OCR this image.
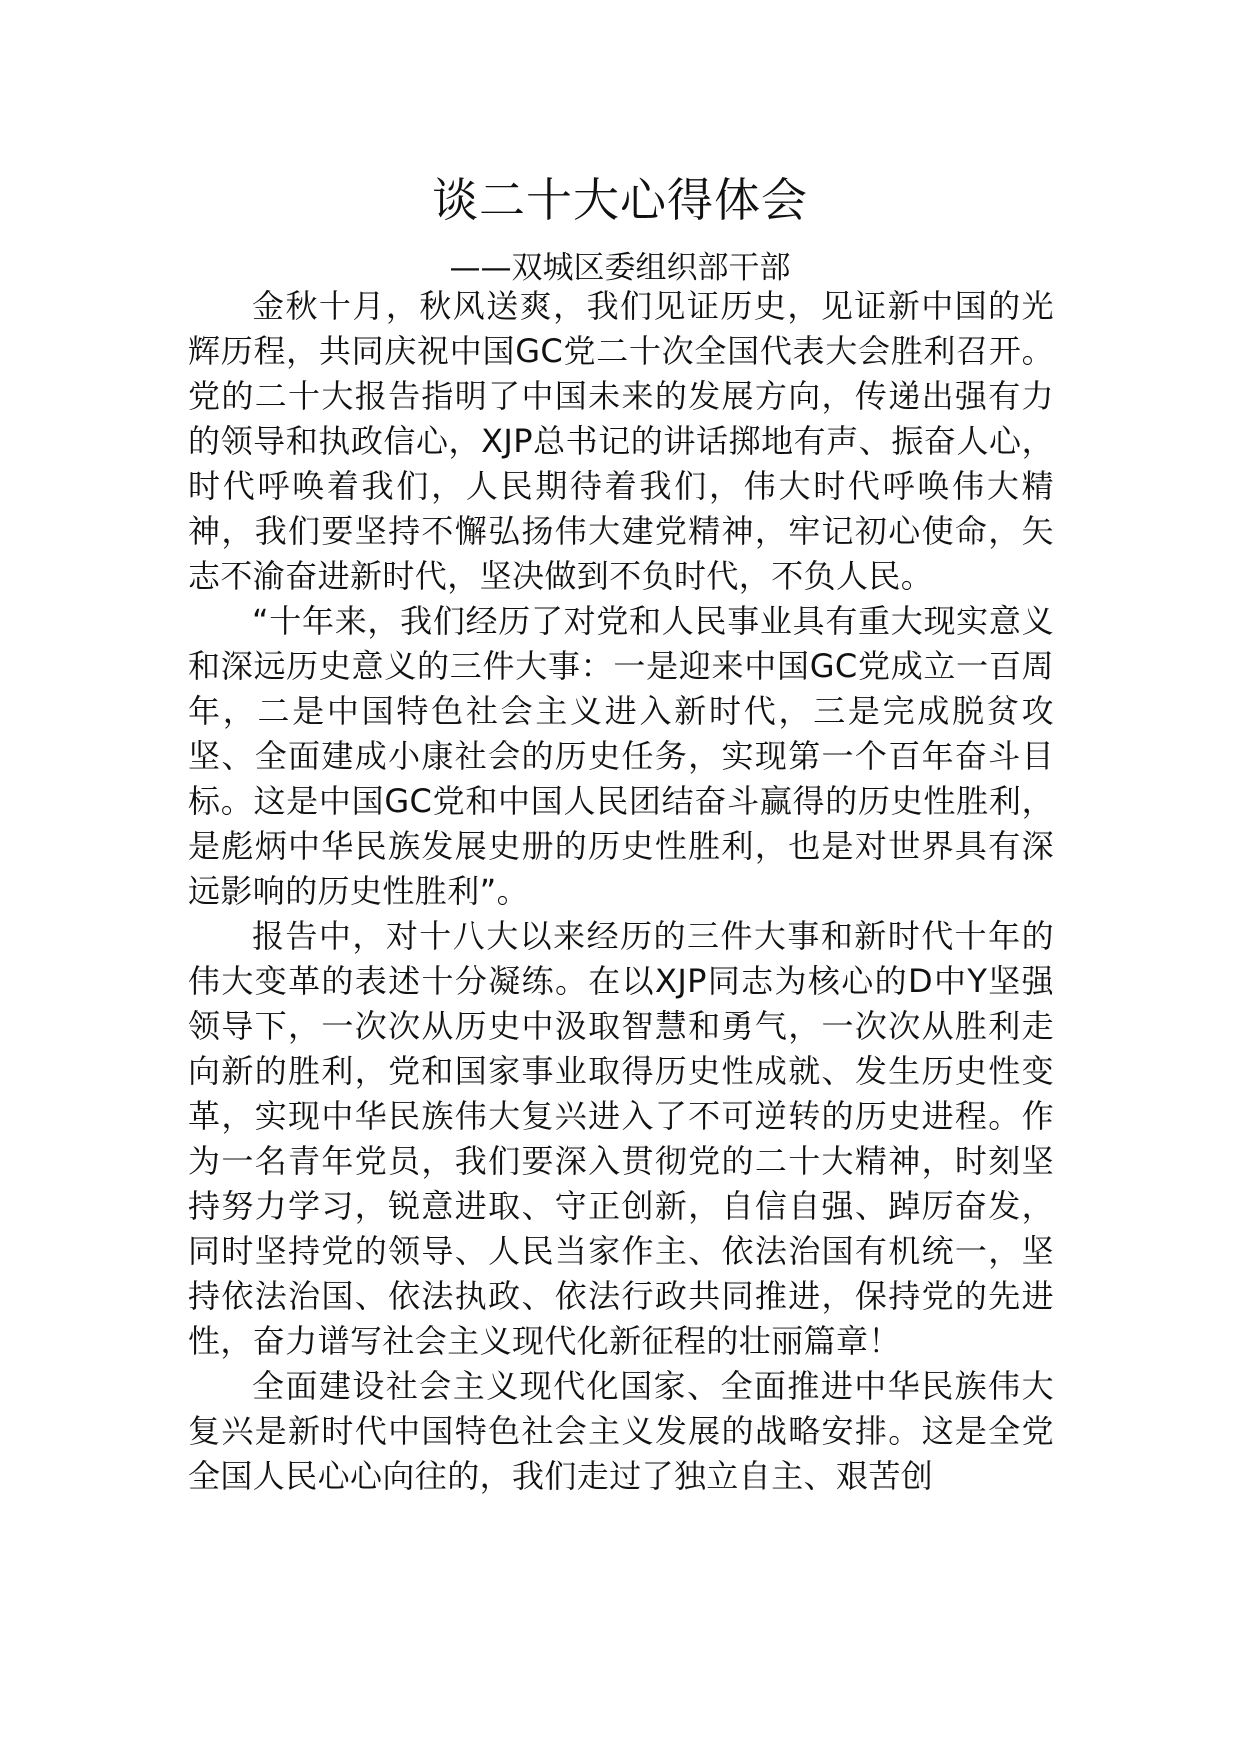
谈二十大心得体会
——双城区委组织部干部

金秋十月，秋风送爽，我们见证历史，见证新中国的光辉历程，共同庆祝中国GC党二十次全国代表大会胜利召开。党的二十大报告指明了中国未来的发展方向，传递出强有力的领导和执政信心，XJP总书记的讲话掷地有声、振奋人心，时代呼唤着我们，人民期待着我们，伟大时代呼唤伟大精神，我们要坚持不懈弘扬伟大建党精神，牢记初心使命，矢志不渝奋进新时代，坚决做到不负时代，不负人民。

“十年来，我们经历了对党和人民事业具有重大现实意义和深远历史意义的三件大事：一是迎来中国GC党成立一百周年，二是中国特色社会主义进入新时代，三是完成脱贫攻坚、全面建成小康社会的历史任务，实现第一个百年奋斗目标。这是中国GC党和中国人民团结奋斗赢得的历史性胜利，是彪炳中华民族发展史册的历史性胜利，也是对世界具有深远影响的历史性胜利”。

报告中，对十八大以来经历的三件大事和新时代十年的伟大变革的表述十分凝练。在以XJP同志为核心的D中Y坚强领导下，一次次从历史中汲取智慧和勇气，一次次从胜利走向新的胜利，党和国家事业取得历史性成就、发生历史性变革，实现中华民族伟大复兴进入了不可逆转的历史进程。作为一名青年党员，我们要深入贯彻党的二十大精神，时刻坚持努力学习，锐意进取、守正创新，自信自强、踔厉奋发，同时坚持党的领导、人民当家作主、依法治国有机统一，坚持依法治国、依法执政、依法行政共同推进，保持党的先进性，奋力谱写社会主义现代化新征程的壮丽篇章！

全面建设社会主义现代化国家、全面推进中华民族伟大复兴是新时代中国特色社会主义发展的战略安排。这是全党全国人民心心向往的，我们走过了独立自主、艰苦创
